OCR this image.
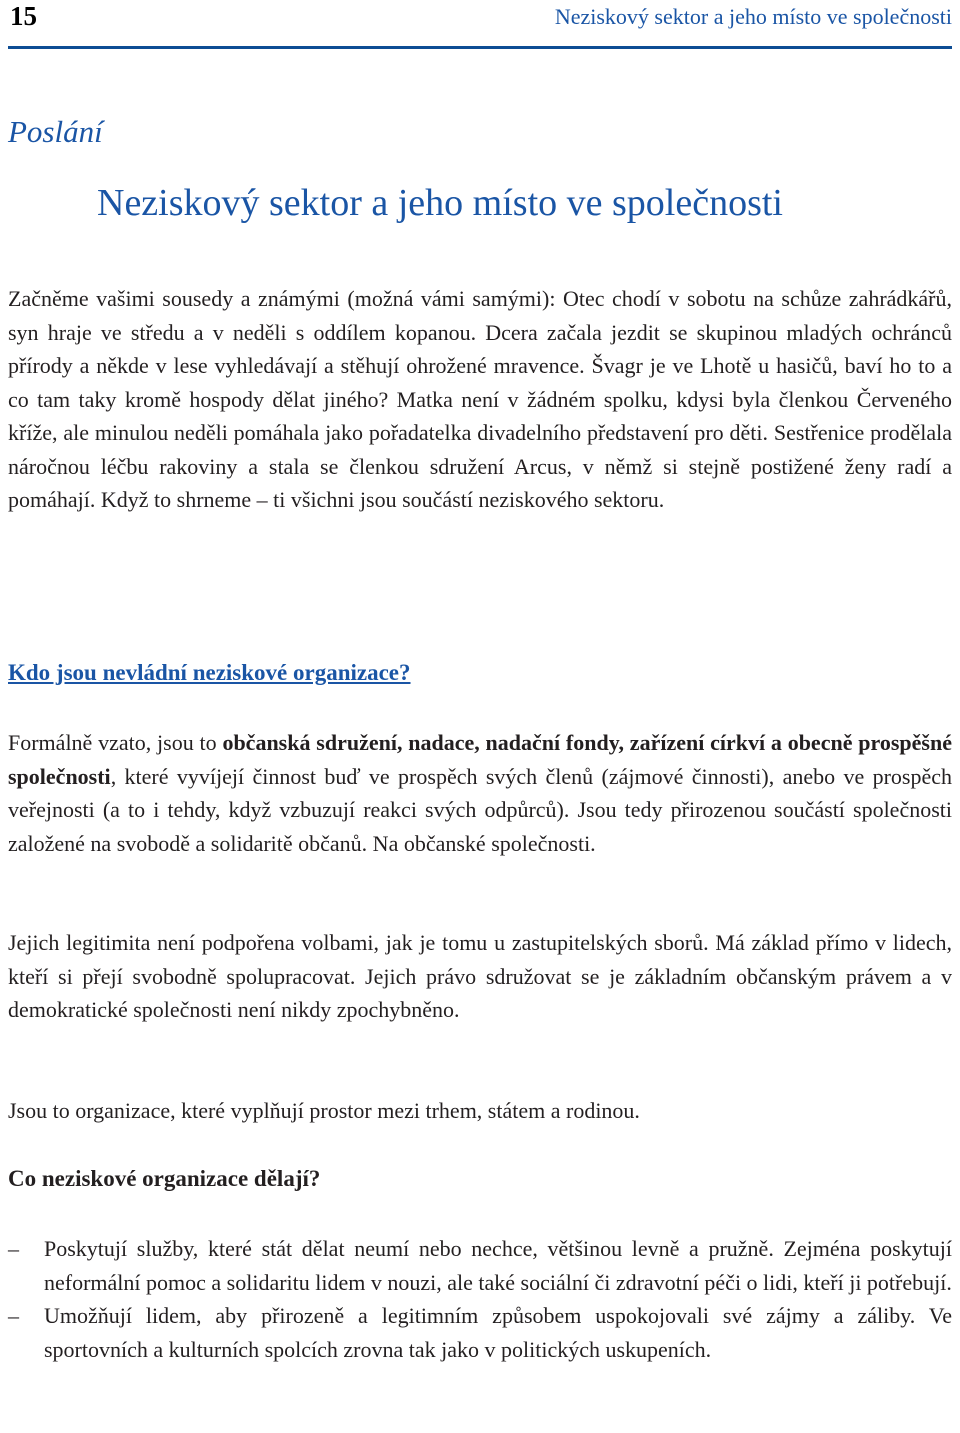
15	Neziskový sektor a jeho místo ve společnosti
Poslání
Neziskový sektor a jeho místo ve společnosti

Začněme vašimi sousedy a známými (možná vámi samými): Otec chodí v sobotu na schůze zahrádkářů, syn hraje ve středu a v neděli s oddílem kopanou. Dcera začala jezdit se skupinou mladých ochránců přírody a někde v lese vyhledávají a stěhují ohrožené mravence. Švagr je ve Lhotě u hasičů, baví ho to a co tam taky kromě hospody dělat jiného? Matka není v žádném spolku, kdysi byla členkou Červeného kříže, ale minulou neděli pomáhala jako pořadatelka divadelního představení pro děti. Sestřenice prodělala náročnou léčbu rakoviny a stala se členkou sdružení Arcus, v němž si stejně postižené ženy radí a pomáhají. Když to shrneme – ti všichni jsou součástí neziskového sektoru.

Kdo jsou nevládní neziskové organizace?

Formálně vzato, jsou to občanská sdružení, nadace, nadační fondy, zařízení církví a obecně prospěšné společnosti, které vyvíjejí činnost buď ve prospěch svých členů (zájmové činnosti), anebo ve prospěch veřejnosti (a to i tehdy, když vzbuzují reakci svých odpůrců). Jsou tedy přirozenou součástí společnosti založené na svobodě a solidaritě občanů. Na občanské společnosti.

Jejich legitimita není podpořena volbami, jak je tomu u zastupitelských sborů. Má základ přímo v lidech, kteří si přejí svobodně spolupracovat. Jejich právo sdružovat se je základním občanským právem a v demokratické společnosti není nikdy zpochybněno.

Jsou to organizace, které vyplňují prostor mezi trhem, státem a rodinou.

Co neziskové organizace dělají?
– Poskytují služby, které stát dělat neumí nebo nechce, většinou levně a pružně. Zejména poskytují neformální pomoc a solidaritu lidem v nouzi, ale také sociální či zdravotní péči o lidi, kteří ji potřebují.
– Umožňují lidem, aby přirozeně a legitimním způsobem uspokojovali své zájmy a záliby. Ve sportovních a kulturních spolcích zrovna tak jako v politických uskupeních.
